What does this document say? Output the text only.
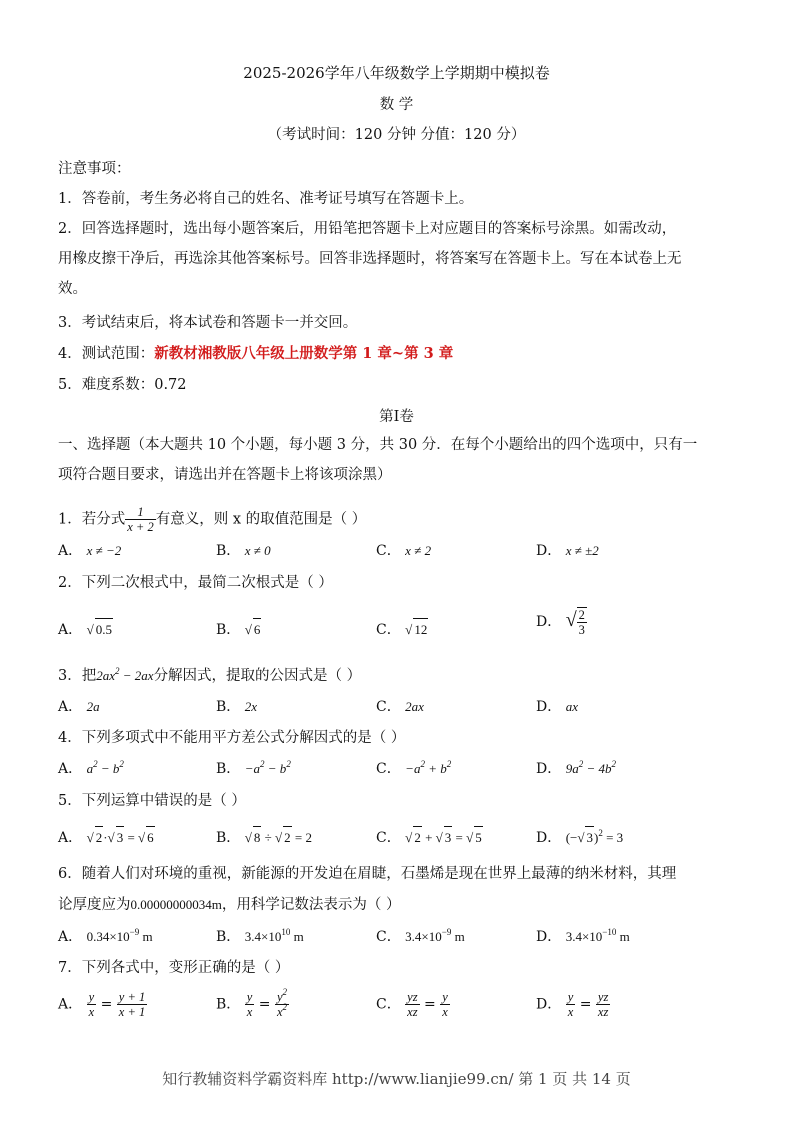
2025-2026学年八年级数学上学期期中模拟卷
数 学
（考试时间：120 分钟 分值：120 分）
注意事项：
1．答卷前，考生务必将自己的姓名、准考证号填写在答题卡上。
2．回答选择题时，选出每小题答案后，用铅笔把答题卡上对应题目的答案标号涂黑。如需改动，
用橡皮擦干净后，再选涂其他答案标号。回答非选择题时，将答案写在答题卡上。写在本试卷上无
效。
3．考试结束后，将本试卷和答题卡一并交回。
4．测试范围：新教材湘教版八年级上册数学第 1 章~第 3 章
5．难度系数：0.72
第Ⅰ卷
一、选择题（本大题共 10 个小题，每小题 3 分，共 30 分．在每个小题给出的四个选项中，只有一
项符合题目要求，请选出并在答题卡上将该项涂黑）
1．若分式 $\frac{1}{x + 2}$ 有意义，则 x 的取值范围是（ ）
A． x ≠ −2	B． x ≠ 0	C． x ≠ 2	D． x ≠ ±2
2．下列二次根式中，最简二次根式是（ ）
A． √ 0.5	B． √ 6	C． √ 12	D． √ $\frac{2}{3}$
3．把$2ax^2 - 2ax$分解因式，提取的公因式是（ ）
A． 2a	B． 2x	C． 2ax	D． ax
4．下列多项式中不能用平方差公式分解因式的是（ ）
A． $a^2 - b^2$	B． $-a^2 - b^2$	C． $-a^2 + b^2$	D． $9a^2 - 4b^2$
5．下列运算中错误的是（ ）
A． √ 2·√ 3 = √ 6	B． √ 8 ÷ √ 2 = 2	C． √ 2 + √ 3 = √ 5	D． (−√ 3)$^2$ = 3
6．随着人们对环境的重视，新能源的开发迫在眉睫，石墨烯是现在世界上最薄的纳米材料，其理
论厚度应为0.00000000034m，用科学记数法表示为（ ）
A． $0.34\times 10^{-9}$ m	B． $3.4\times 10^{10}$ m	C． $3.4\times 10^{-9}$ m	D． $3.4\times 10^{-10}$ m
7．下列各式中，变形正确的是（ ）
A． $\frac{y}{x} = \frac{y + 1}{x + 1}$	B． $\frac{y}{x} = \frac{y^2}{x^2}$	C． $\frac{yz}{xz} = \frac{y}{x}$	D． $\frac{y}{x} = \frac{yz}{xz}$
知行教辅资料学霸资料库 http://www.lianjie99.cn/ 第 1 页 共 14 页
